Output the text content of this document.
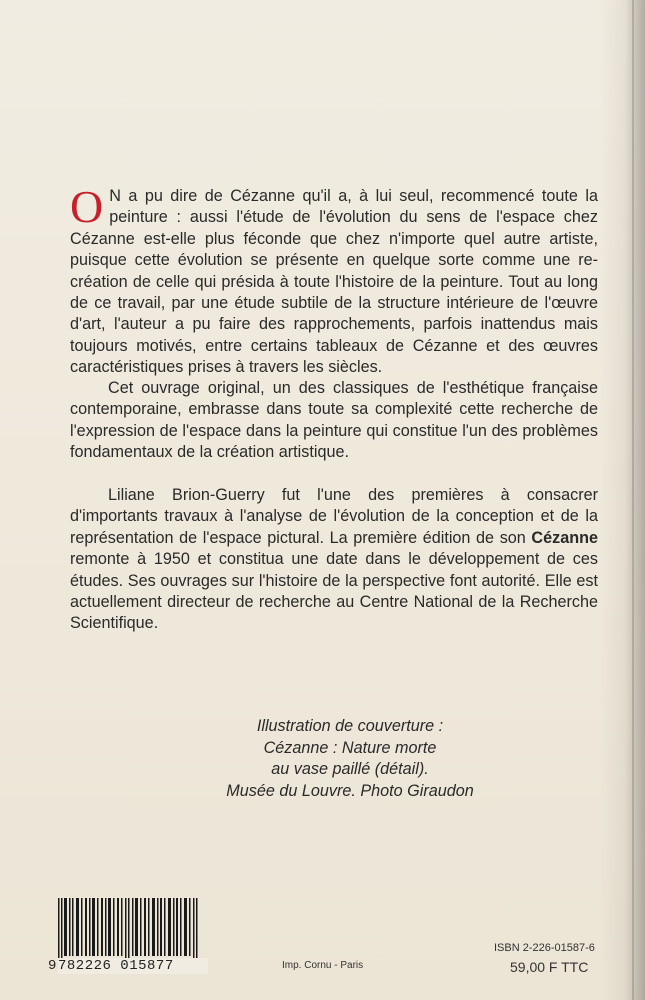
O N a pu dire de Cézanne qu'il a, à lui seul, recommencé toute la peinture : aussi l'étude de l'évolution du sens de l'espace chez Cézanne est-elle plus féconde que chez n'importe quel autre artiste, puisque cette évolution se présente en quelque sorte comme une re-création de celle qui présida à toute l'histoire de la peinture. Tout au long de ce travail, par une étude subtile de la structure intérieure de l'œuvre d'art, l'auteur a pu faire des rapprochements, parfois inattendus mais toujours motivés, entre certains tableaux de Cézanne et des œuvres caractéristiques prises à travers les siècles.

Cet ouvrage original, un des classiques de l'esthétique française contemporaine, embrasse dans toute sa complexité cette recherche de l'expression de l'espace dans la peinture qui constitue l'un des problèmes fondamentaux de la création artistique.

Liliane Brion-Guerry fut l'une des premières à consacrer d'importants travaux à l'analyse de l'évolution de la conception et de la représentation de l'espace pictural. La première édition de son Cézanne remonte à 1950 et constitua une date dans le développement de ces études. Ses ouvrages sur l'histoire de la perspective font autorité. Elle est actuellement directeur de recherche au Centre National de la Recherche Scientifique.

Illustration de couverture :
Cézanne : Nature morte
au vase paillé (détail).
Musée du Louvre. Photo Giraudon
9 782226 015877	Imp. Cornu - Paris
ISBN 2-226-01587-6
59,00 F TTC
